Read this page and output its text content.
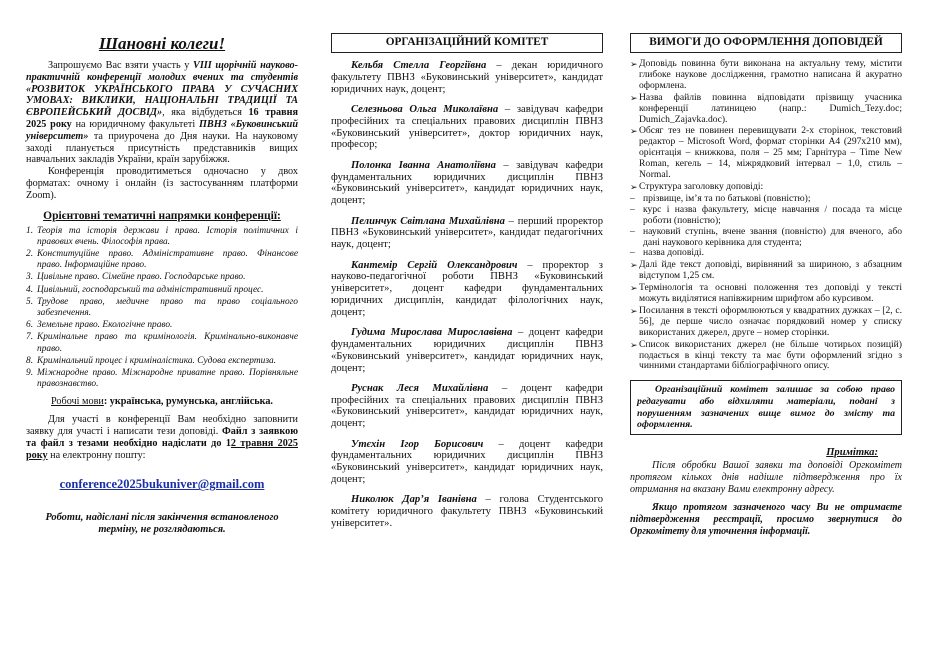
Шановні колеги!

Запрошуємо Вас взяти участь у VIII щорічній науково-практичній конференції молодих вчених та студентів «РОЗВИТОК УКРАЇНСЬКОГО ПРАВА У СУЧАСНИХ УМОВАХ: ВИКЛИКИ, НАЦІОНАЛЬНІ ТРАДИЦІЇ ТА ЄВРОПЕЙСЬКИЙ ДОСВІД», яка відбудеться 16 травня 2025 року на юридичному факультеті ПВНЗ «Буковинський університет» та приурочена до Дня науки. На науковому заході планується присутність представників вищих навчальних закладів України, країн зарубіжжя.

Конференція проводитиметься одночасно у двох форматах: очному і онлайн (із застосуванням платформи Zoom).

Орієнтовні тематичні напрямки конференції:
1. Теорія та історія держави і права. Історія політичних і правових вчень. Філософія права.
2. Конституційне право. Адміністративне право. Фінансове право. Інформаційне право.
3. Цивільне право. Сімейне право. Господарське право.
4. Цивільний, господарський та адміністративний процес.
5. Трудове право, медичне право та право соціального забезпечення.
6. Земельне право. Екологічне право.
7. Кримінальне право та кримінологія. Кримінально-виконавче право.
8. Кримінальний процес і криміналістика. Судова експертиза.
9. Міжнародне право. Міжнародне приватне право. Порівняльне правознавство.

Робочі мови: українська, румунська, англійська.

Для участі в конференції Вам необхідно заповнити заявку для участі і написати тези доповіді. Файл з заявкою та файл з тезами необхідно надіслати до 12 травня 2025 року на електронну пошту:

conference2025bukuniver@gmail.com
Роботи, надіслані після закінчення встановленого терміну, не розглядаються.
ОРГАНІЗАЦІЙНИЙ КОМІТЕТ

Кельбя Стелла Георгіївна – декан юридичного факультету ПВНЗ «Буковинський університет», кандидат юридичних наук, доцент;

Селезньова Ольга Миколаївна – завідувач кафедри професійних та спеціальних правових дисциплін ПВНЗ «Буковинський університет», доктор юридичних наук, професор;

Полонка Іванна Анатоліївна – завідувач кафедри фундаментальних юридичних дисциплін ПВНЗ «Буковинський університет», кандидат юридичних наук, доцент;

Пелинчук Світлана Михайлівна – перший проректор ПВНЗ «Буковинський університет», кандидат педагогічних наук, доцент;

Кантемір Сергій Олександрович – проректор з науково-педагогічної роботи ПВНЗ «Буковинський університет», доцент кафедри фундаментальних юридичних дисциплін, кандидат філологічних наук, доцент;

Гудима Мирослава Мирославівна – доцент кафедри фундаментальних юридичних дисциплін ПВНЗ «Буковинський університет», кандидат юридичних наук, доцент;

Руснак Леся Михайлівна – доцент кафедри професійних та спеціальних правових дисциплін ПВНЗ «Буковинський університет», кандидат юридичних наук, доцент;

Утєхін Ігор Борисович – доцент кафедри фундаментальних юридичних дисциплін ПВНЗ «Буковинський університет», кандидат юридичних наук, доцент;

Николюк Дар’я Іванівна – голова Студентського комітету юридичного факультету ПВНЗ «Буковинський університет».

ВИМОГИ ДО ОФОРМЛЕННЯ ДОПОВІДЕЙ
➢ Доповідь повинна бути виконана на актуальну тему, містити глибоке наукове дослідження, грамотно написана й акуратно оформлена.
➢ Назва файлів повинна відповідати прізвищу учасника конференції латиницею (напр.: Dumich_Tezy.doc; Dumich_Zajavka.doc).
➢ Обсяг тез не повинен перевищувати 2-х сторінок, текстовий редактор – Microsoft Word, формат сторінки А4 (297х210 мм), орієнтація – книжкова, поля – 25 мм; Гарнітура – Time New Roman, кегель – 14, міжрядковий інтервал – 1,0, стиль – Normal.
➢ Структура заголовку доповіді:
– прізвище, ім’я та по батькові (повністю);
– курс і назва факультету, місце навчання / посада та місце роботи (повністю);
– науковий ступінь, вчене звання (повністю) для вченого, або дані наукового керівника для студента;
– назва доповіді.
➢ Далі йде текст доповіді, вирівняний за шириною, з абзацним відступом 1,25 см.
➢ Термінологія та основні положення тез доповіді у тексті можуть виділятися напівжирним шрифтом або курсивом.
➢ Посилання в тексті оформлюються у квадратних дужках – [2, с. 56], де перше число означає порядковий номер у списку використаних джерел, друге – номер сторінки.
➢ Список використаних джерел (не більше чотирьох позицій) подається в кінці тексту та має бути оформлений згідно з чинними стандартами бібліографічного опису.
Організаційний комітет залишає за собою право редагувати або відхиляти матеріали, подані з порушенням зазначених вище вимог до змісту та оформлення.
Примітка:

Після обробки Вашої заявки та доповіді Оргкомітет протягом кількох днів надішле підтвердження про їх отримання на вказану Вами електронну адресу.

Якщо протягом зазначеного часу Ви не отримаєте підтвердження реєстрації, просимо звернутися до Оргкомітету для уточнення інформації.
